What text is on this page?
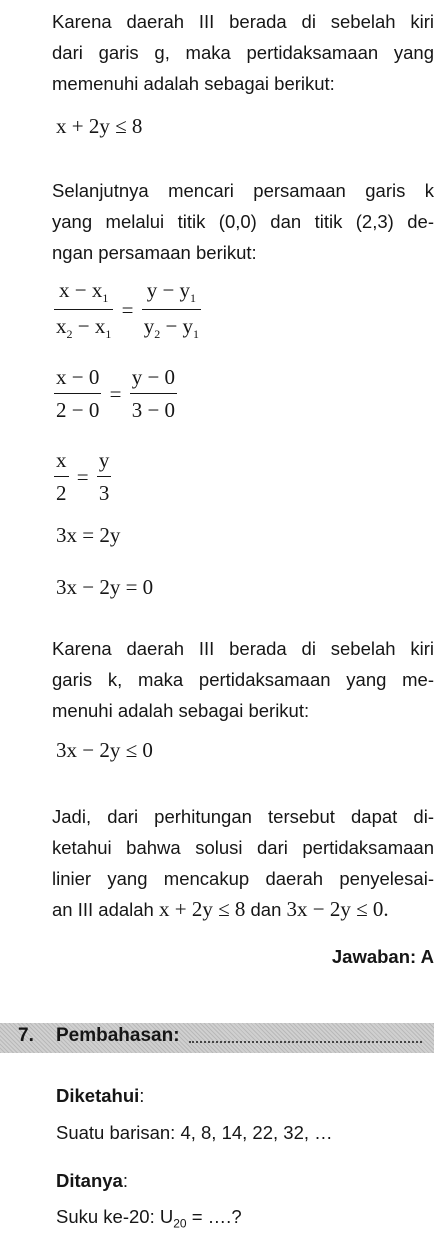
Karena daerah III berada di sebelah kiri
dari garis g, maka pertidaksamaan yang
memenuhi adalah sebagai berikut:
x + 2y ≤ 8
Selanjutnya mencari persamaan garis k
yang melalui titik (0,0) dan titik (2,3) de-
ngan persamaan berikut:
$\frac{x - x_1}{x_2 - x_1} = \frac{y - y_1}{y_2 - y_1}$
$\frac{x - 0}{2 - 0} = \frac{y - 0}{3 - 0}$
$\frac{x}{2} = \frac{y}{3}$
3x = 2y
3x − 2y = 0
Karena daerah III berada di sebelah kiri
garis k, maka pertidaksamaan yang me-
menuhi adalah sebagai berikut:
3x − 2y ≤ 0
Jadi, dari perhitungan tersebut dapat di-
ketahui bahwa solusi dari pertidaksamaan
linier yang mencakup daerah penyelesai-
an III adalah x + 2y ≤ 8 dan 3x − 2y ≤ 0.
Jawaban: A
7. Pembahasan:
Diketahui:
Suatu barisan: 4, 8, 14, 22, 32, …
Ditanya:
Suku ke-20: $U_{20}$ = ….?
